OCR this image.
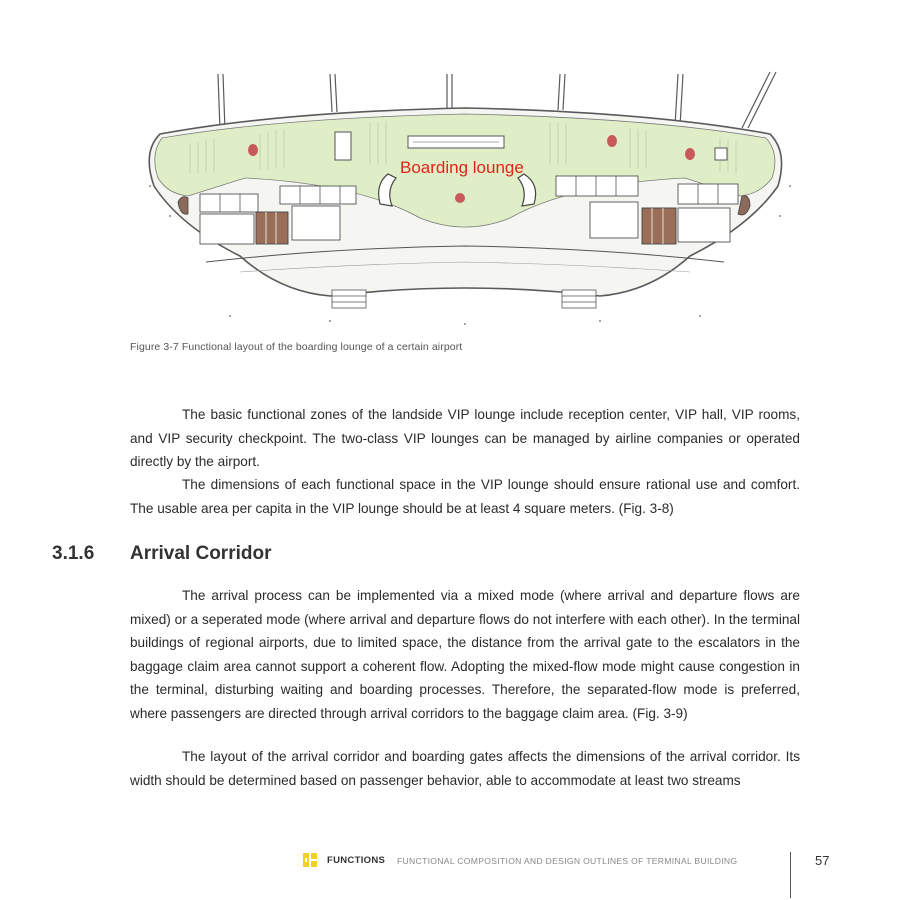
Boarding lounge
Figure 3-7 Functional layout of the boarding lounge of a certain airport

The basic functional zones of the landside VIP lounge include reception center, VIP hall, VIP rooms, and VIP security checkpoint. The two-class VIP lounges can be managed by airline companies or operated directly by the airport.

The dimensions of each functional space in the VIP lounge should ensure rational use and comfort. The usable area per capita in the VIP lounge should be at least 4 square meters. (Fig. 3-8)

3.1.6 Arrival Corridor

The arrival process can be implemented via a mixed mode (where arrival and departure flows are mixed) or a seperated mode (where arrival and departure flows do not interfere with each other). In the terminal buildings of regional airports, due to limited space, the distance from the arrival gate to the escalators in the baggage claim area cannot support a coherent flow. Adopting the mixed-flow mode might cause congestion in the terminal, disturbing waiting and boarding processes. Therefore, the separated-flow mode is preferred, where passengers are directed through arrival corridors to the baggage claim area. (Fig. 3-9)

The layout of the arrival corridor and boarding gates affects the dimensions of the arrival corridor. Its width should be determined based on passenger behavior, able to accommodate at least two streams

FUNCTIONS FUNCTIONAL COMPOSITION AND DESIGN OUTLINES OF TERMINAL BUILDING	57
